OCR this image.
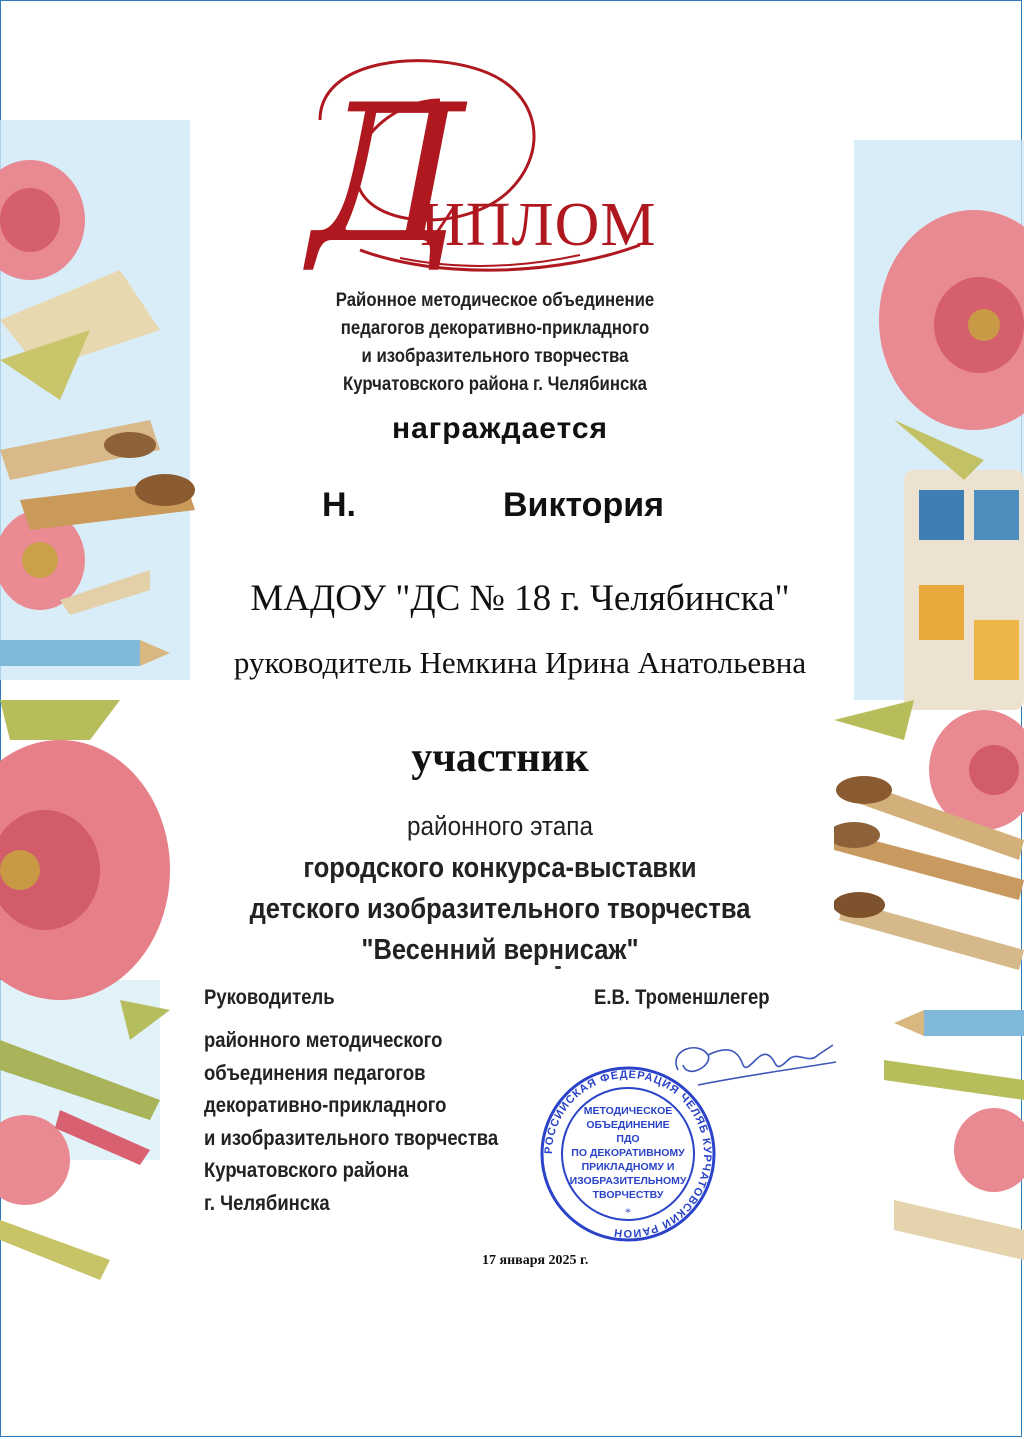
Д
ИПЛОМ
Районное методическое объединение
педагогов декоративно-прикладного
и изобразительного творчества
Курчатовского района г. Челябинска
награждается
Н.	Виктория
МАДОУ "ДС № 18 г. Челябинска"
руководитель Немкина Ирина Анатольевна
участник
районного этапа
городского конкурса-выставки
детского изобразительного творчества
"Весенний вернисаж"
Руководитель	Е.В. Троменшлегер
районного методического
объединения педагогов
декоративно-прикладного
и изобразительного творчества
Курчатовского района
г. Челябинска
РОССИЙСКАЯ ФЕДЕРАЦИЯ ЧЕЛЯБ КУРЧАТОВСКИЙ РАЙОН
МЕТОДИЧЕСКОЕ
ОБЪЕДИНЕНИЕ
ПДО
ПО ДЕКОРАТИВНОМУ
ПРИКЛАДНОМУ И
ИЗОБРАЗИТЕЛЬНОМУ
ТВОРЧЕСТВУ
*
17 января 2025 г.
